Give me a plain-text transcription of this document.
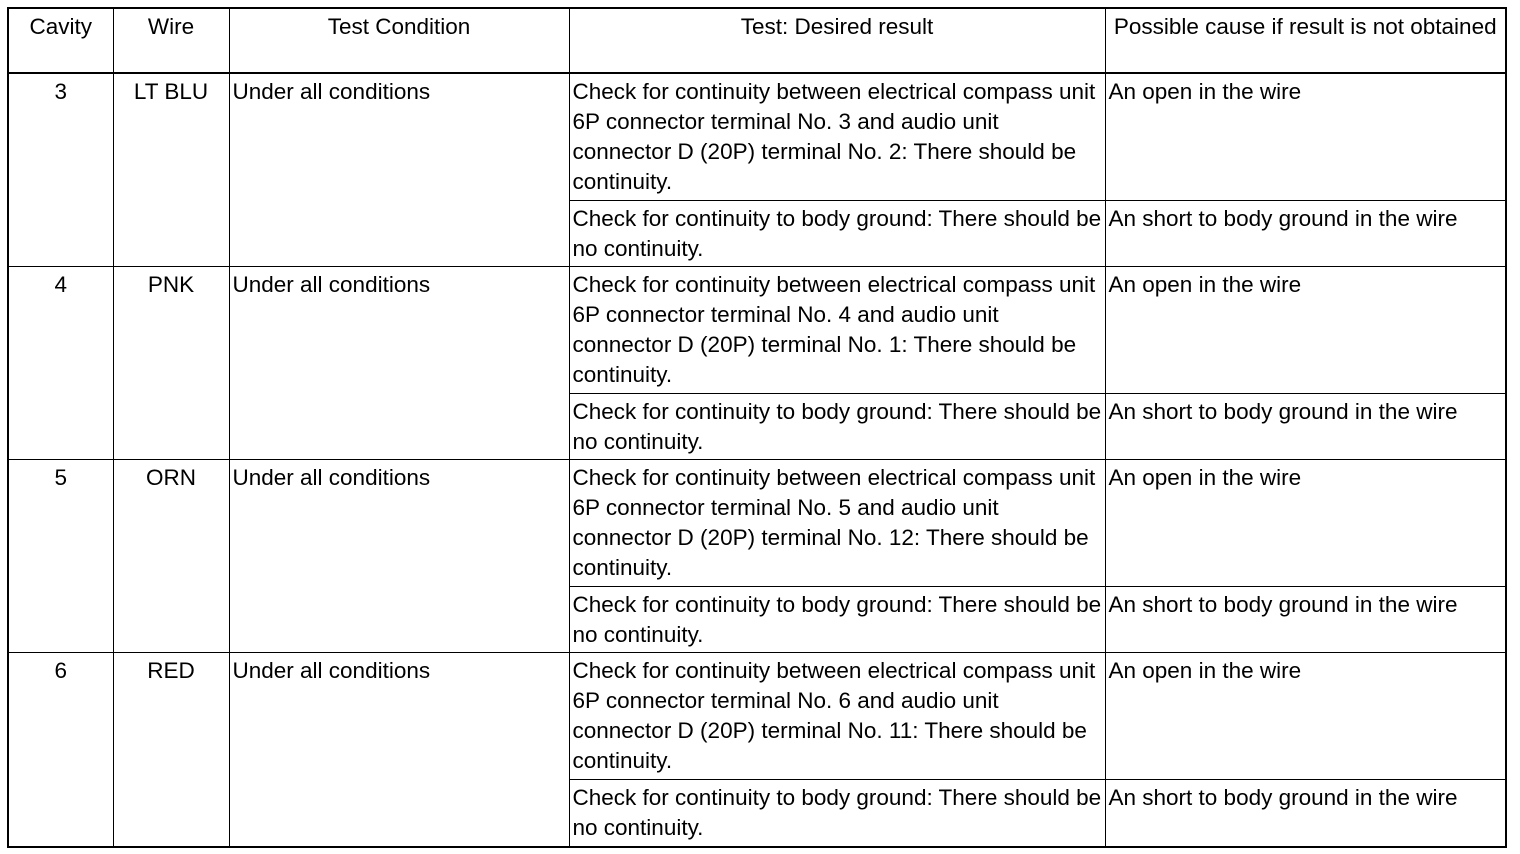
Cavity	Wire	Test Condition	Test: Desired result	Possible cause if result is not obtained
3	LT BLU	Under all conditions	Check for continuity between electrical compass unit 6P connector terminal No. 3 and audio unit connector D (20P) terminal No. 2: There should be continuity.	An open in the wire
			Check for continuity to body ground: There should be no continuity.	An short to body ground in the wire
4	PNK	Under all conditions	Check for continuity between electrical compass unit 6P connector terminal No. 4 and audio unit connector D (20P) terminal No. 1: There should be continuity.	An open in the wire
			Check for continuity to body ground: There should be no continuity.	An short to body ground in the wire
5	ORN	Under all conditions	Check for continuity between electrical compass unit 6P connector terminal No. 5 and audio unit connector D (20P) terminal No. 12: There should be continuity.	An open in the wire
			Check for continuity to body ground: There should be no continuity.	An short to body ground in the wire
6	RED	Under all conditions	Check for continuity between electrical compass unit 6P connector terminal No. 6 and audio unit connector D (20P) terminal No. 11: There should be continuity.	An open in the wire
			Check for continuity to body ground: There should be no continuity.	An short to body ground in the wire
